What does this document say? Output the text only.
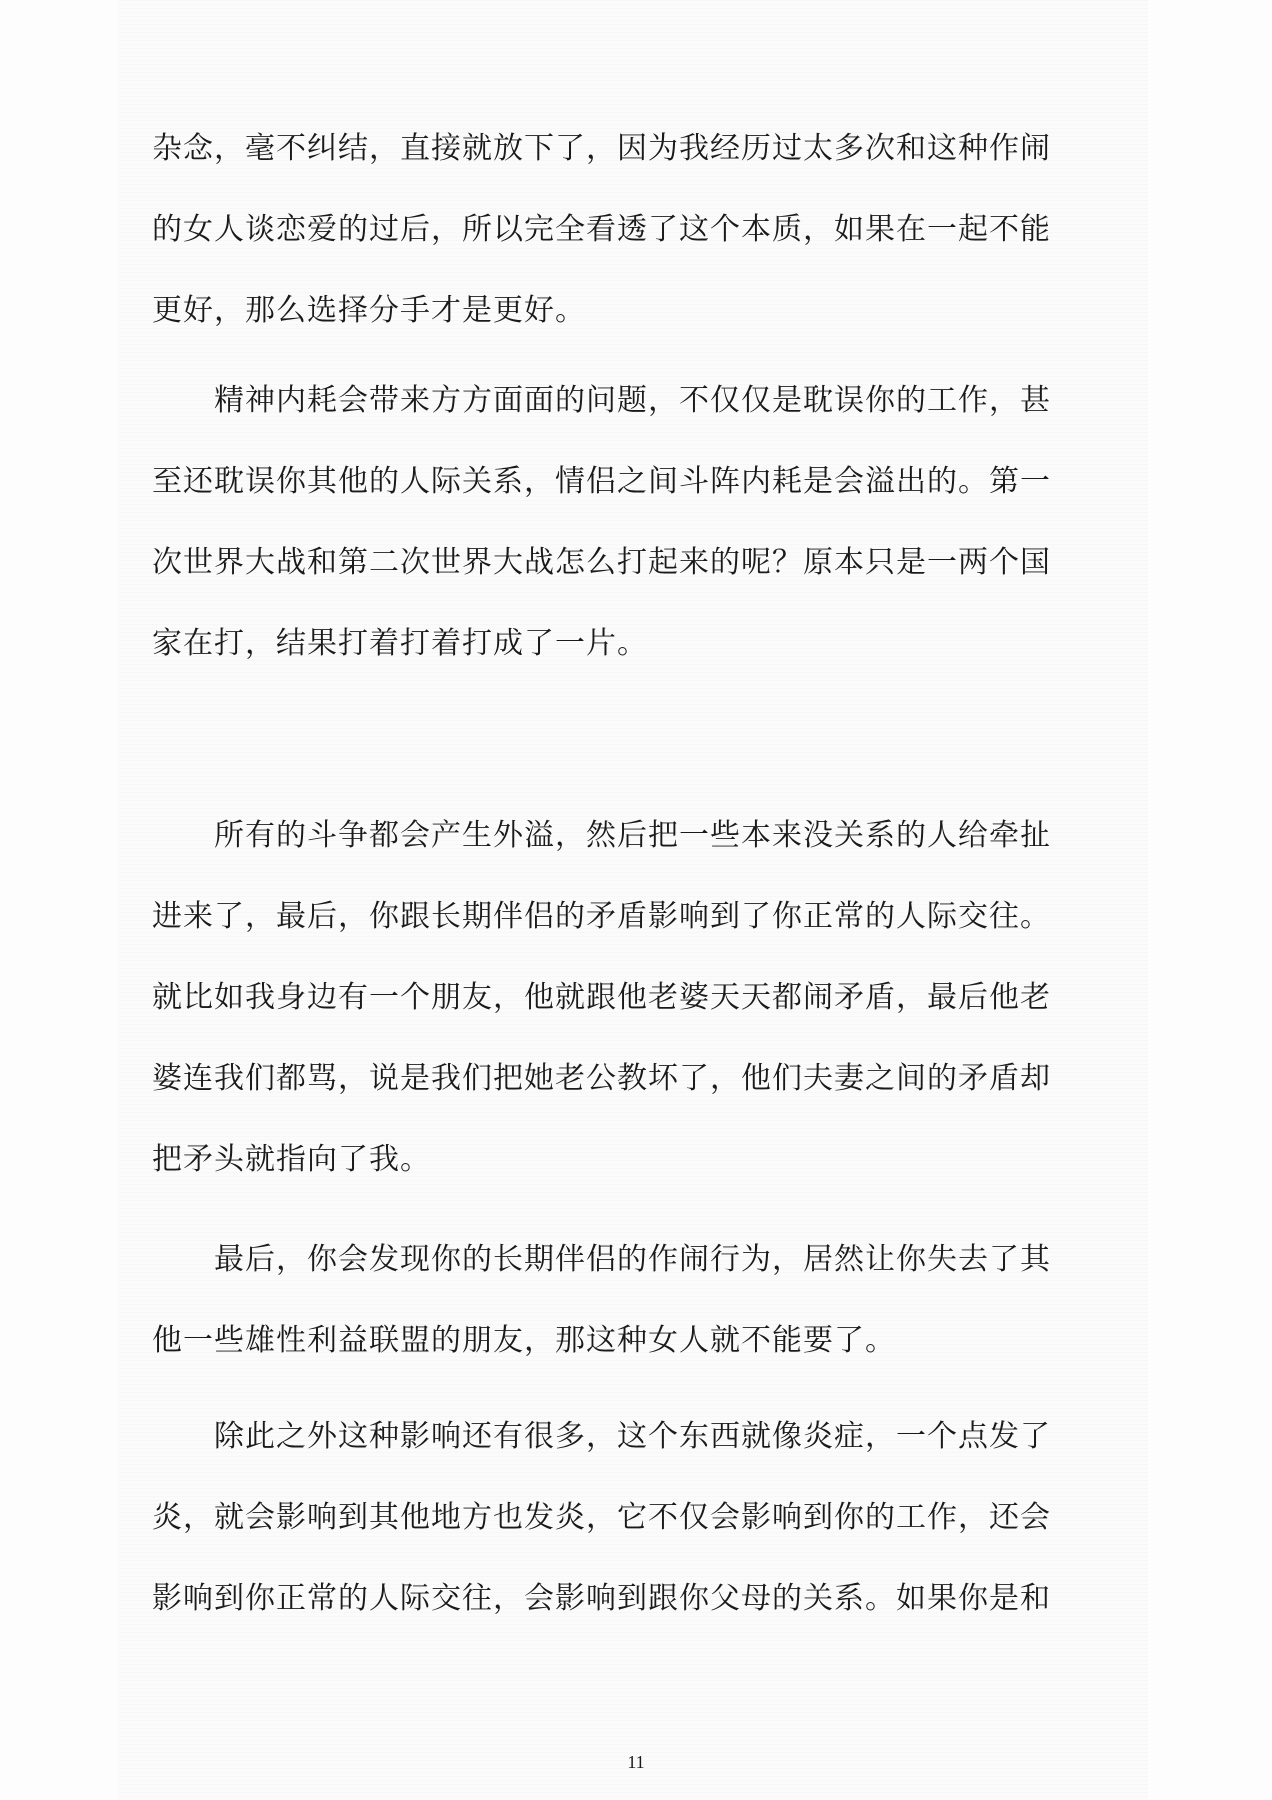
杂念，毫不纠结，直接就放下了，因为我经历过太多次和这种作闹
的女人谈恋爱的过后，所以完全看透了这个本质，如果在一起不能
更好，那么选择分手才是更好。
精神内耗会带来方方面面的问题，不仅仅是耽误你的工作，甚
至还耽误你其他的人际关系，情侣之间斗阵内耗是会溢出的。第一
次世界大战和第二次世界大战怎么打起来的呢？原本只是一两个国
家在打，结果打着打着打成了一片。
所有的斗争都会产生外溢，然后把一些本来没关系的人给牵扯
进来了，最后，你跟长期伴侣的矛盾影响到了你正常的人际交往。
就比如我身边有一个朋友，他就跟他老婆天天都闹矛盾，最后他老
婆连我们都骂，说是我们把她老公教坏了，他们夫妻之间的矛盾却
把矛头就指向了我。
最后，你会发现你的长期伴侣的作闹行为，居然让你失去了其
他一些雄性利益联盟的朋友，那这种女人就不能要了。
除此之外这种影响还有很多，这个东西就像炎症，一个点发了
炎，就会影响到其他地方也发炎，它不仅会影响到你的工作，还会
影响到你正常的人际交往，会影响到跟你父母的关系。如果你是和
11
